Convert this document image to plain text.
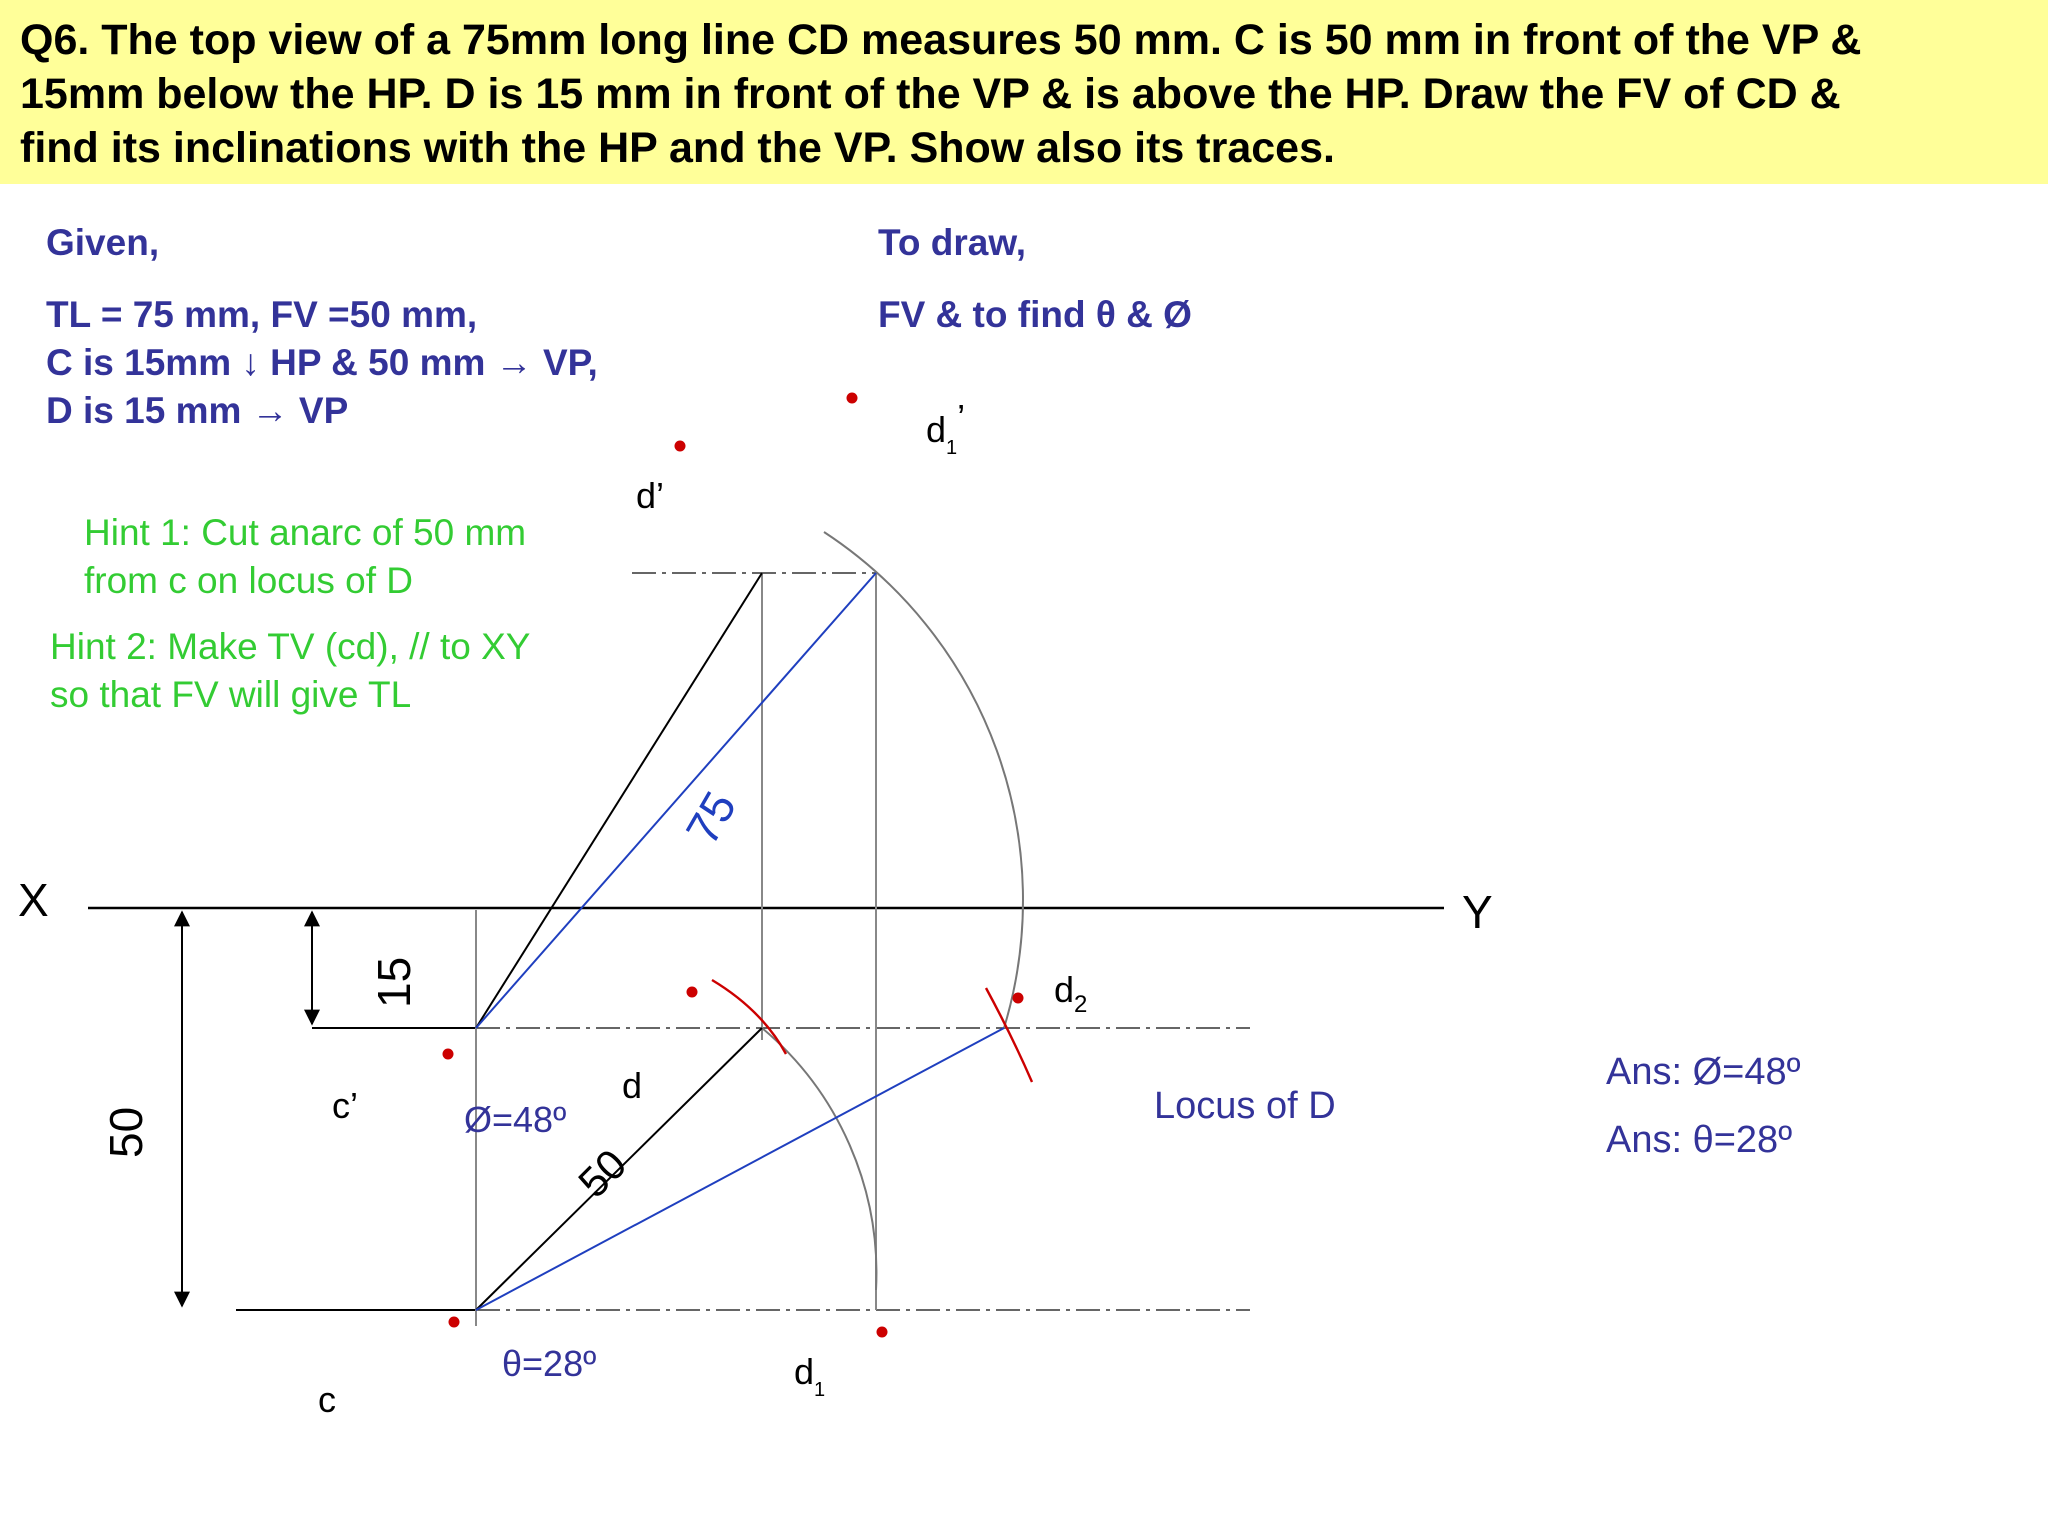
Q6. The top view of a 75mm long line CD measures 50 mm. C is 50 mm in front of the VP &
15mm below the HP. D is 15 mm in front of the VP & is above the HP. Draw the FV of CD &
find its inclinations with the HP and the VP. Show also its traces.
Given,
TL = 75 mm, FV =50 mm,
C is 15mm ↓ HP & 50 mm → VP,
D is 15 mm → VP
To draw,
FV & to find θ & Ø
Hint 1: Cut anarc of 50 mm
from c on locus of D
Hint 2: Make TV (cd), // to XY
so that FV will give TL
X	Y
15
50
75
50
d’
c’	d
c
$d_1$’
$d_1$
$d_2$
Ø=48º
θ=28º
Locus of D
Ans: Ø=48º
Ans: θ=28º
